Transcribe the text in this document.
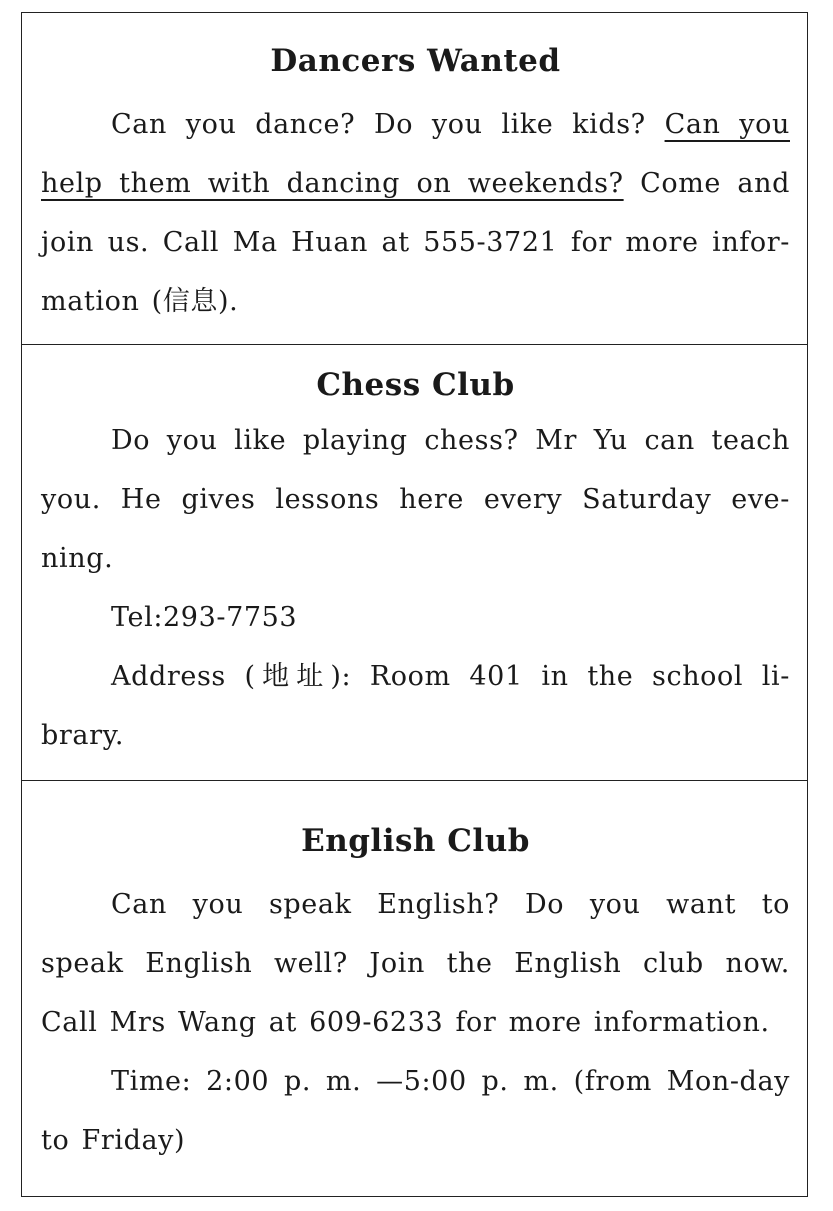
Dancers Wanted

Can you dance? Do you like kids? Can you help them with dancing on weekends? Come and join us. Call Ma Huan at 555-3721 for more infor-mation (信息).

Chess Club

Do you like playing chess? Mr Yu can teach you. He gives lessons here every Saturday eve-ning.

Tel:293-7753

Address (地址): Room 401 in the school li-brary.

English Club

Can you speak English? Do you want to speak English well? Join the English club now. Call Mrs Wang at 609-6233 for more information.

Time: 2:00 p. m. —5:00 p. m. (from Mon-day to Friday)
